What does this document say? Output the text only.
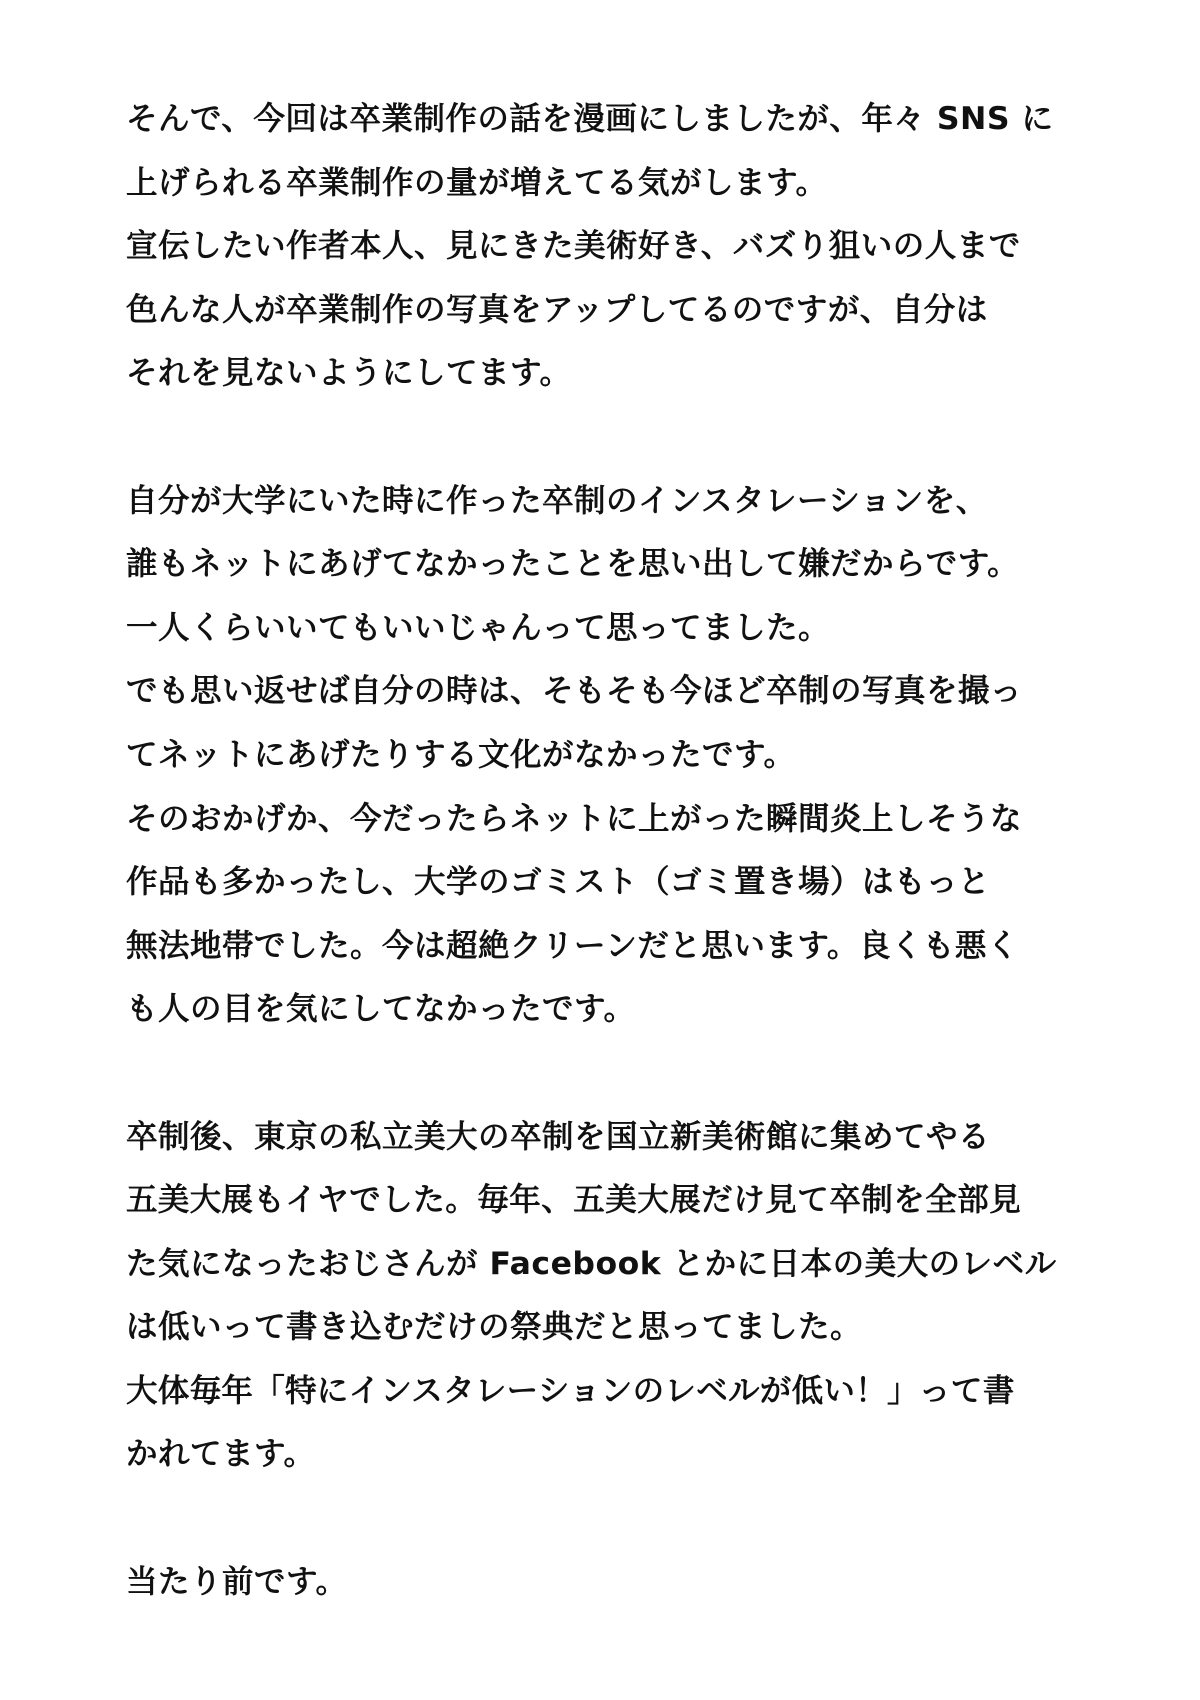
そんで、今回は卒業制作の話を漫画にしましたが、年々 SNS に
上げられる卒業制作の量が増えてる気がします。
宣伝したい作者本人、見にきた美術好き、バズり狙いの人まで
色んな人が卒業制作の写真をアップしてるのですが、自分は
それを見ないようにしてます。
自分が大学にいた時に作った卒制のインスタレーションを、
誰もネットにあげてなかったことを思い出して嫌だからです。
一人くらいいてもいいじゃんって思ってました。
でも思い返せば自分の時は、そもそも今ほど卒制の写真を撮っ
てネットにあげたりする文化がなかったです。
そのおかげか、今だったらネットに上がった瞬間炎上しそうな
作品も多かったし、大学のゴミスト（ゴミ置き場）はもっと
無法地帯でした。今は超絶クリーンだと思います。良くも悪く
も人の目を気にしてなかったです。
卒制後、東京の私立美大の卒制を国立新美術館に集めてやる
五美大展もイヤでした。毎年、五美大展だけ見て卒制を全部見
た気になったおじさんが Facebook とかに日本の美大のレベル
は低いって書き込むだけの祭典だと思ってました。
大体毎年「特にインスタレーションのレベルが低い！」って書
かれてます。
当たり前です。
